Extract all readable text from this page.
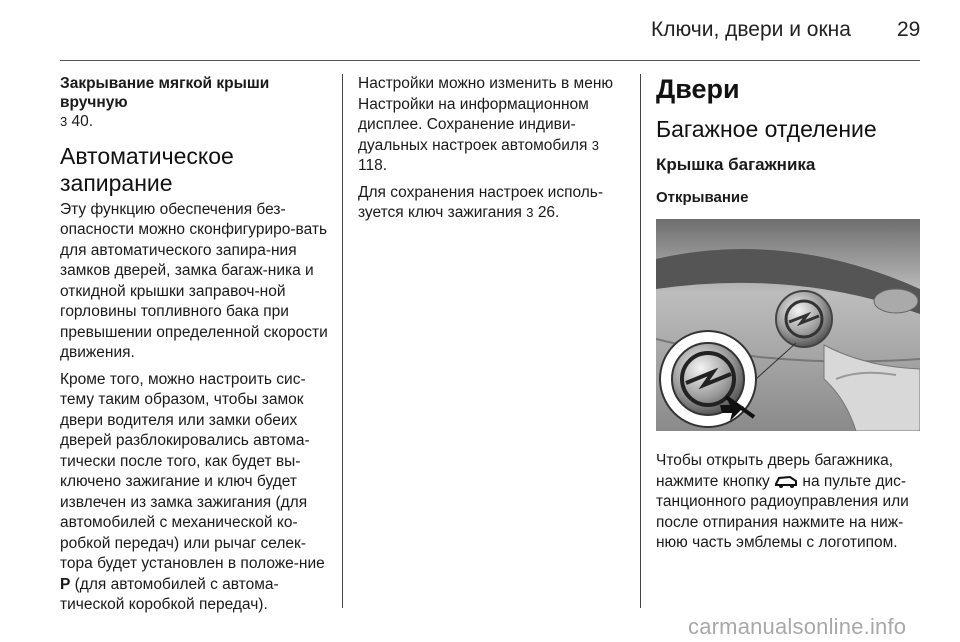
Ключи, двери и окна 29

Закрывание мягкой крыши вручную

3 40.

Автоматическое запирание

Эту функцию обеспечения без-опасности можно сконфигуриро-вать для автоматического запира-ния замков дверей, замка багаж-ника и откидной крышки заправоч-ной горловины топливного бака при превышении определенной скорости движения.

Кроме того, можно настроить сис-тему таким образом, чтобы замок двери водителя или замки обеих дверей разблокировались автома-тически после того, как будет вы-ключено зажигание и ключ будет извлечен из замка зажигания (для автомобилей с механической ко-робкой передач) или рычаг селек-тора будет установлен в положе-ние P (для автомобилей с автома-тической коробкой передач).

Настройки можно изменить в меню Настройки на информационном дисплее. Сохранение индиви-дуальных настроек автомобиля 3 118.

Для сохранения настроек исполь-зуется ключ зажигания 3 26.

Двери
Багажное отделение
Крышка багажника
Открывание

Чтобы открыть дверь багажника, нажмите кнопку  на пульте дис-танционного радиоуправления или после отпирания нажмите на ниж-нюю часть эмблемы с логотипом.

carmanualsonline.info
